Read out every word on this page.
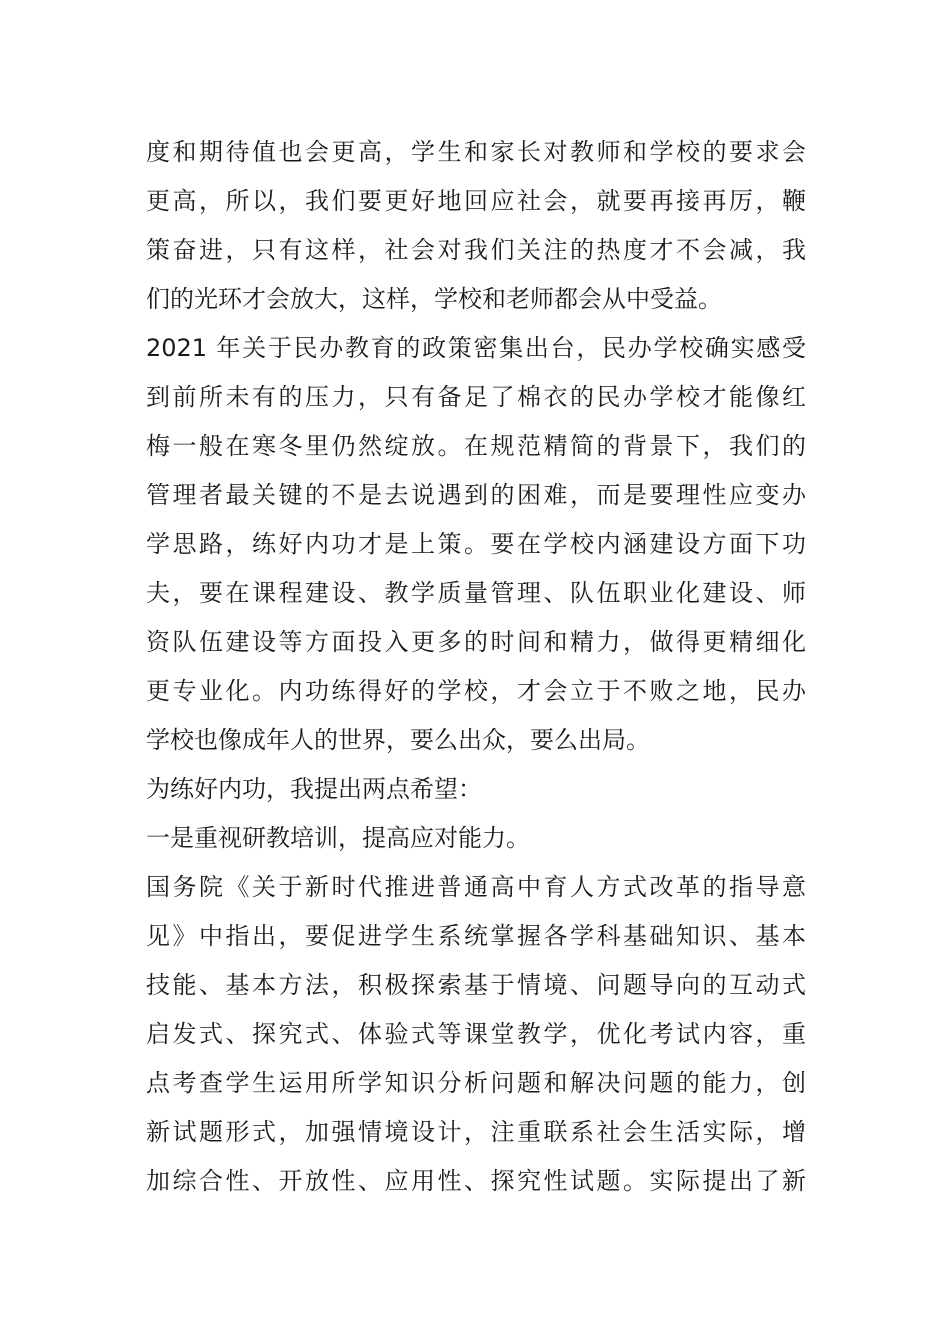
度和期待值也会更高，学生和家长对教师和学校的要求会
更高，所以，我们要更好地回应社会，就要再接再厉，鞭
策奋进，只有这样，社会对我们关注的热度才不会减，我
们的光环才会放大，这样，学校和老师都会从中受益。
2021 年关于民办教育的政策密集出台，民办学校确实感受
到前所未有的压力，只有备足了棉衣的民办学校才能像红
梅一般在寒冬里仍然绽放。在规范精简的背景下，我们的
管理者最关键的不是去说遇到的困难，而是要理性应变办
学思路，练好内功才是上策。要在学校内涵建设方面下功
夫，要在课程建设、教学质量管理、队伍职业化建设、师
资队伍建设等方面投入更多的时间和精力，做得更精细化
更专业化。内功练得好的学校，才会立于不败之地，民办
学校也像成年人的世界，要么出众，要么出局。
为练好内功，我提出两点希望：
一是重视研教培训，提高应对能力。
国务院《关于新时代推进普通高中育人方式改革的指导意
见》中指出，要促进学生系统掌握各学科基础知识、基本
技能、基本方法，积极探索基于情境、问题导向的互动式
启发式、探究式、体验式等课堂教学，优化考试内容，重
点考查学生运用所学知识分析问题和解决问题的能力，创
新试题形式，加强情境设计，注重联系社会生活实际，增
加综合性、开放性、应用性、探究性试题。实际提出了新
